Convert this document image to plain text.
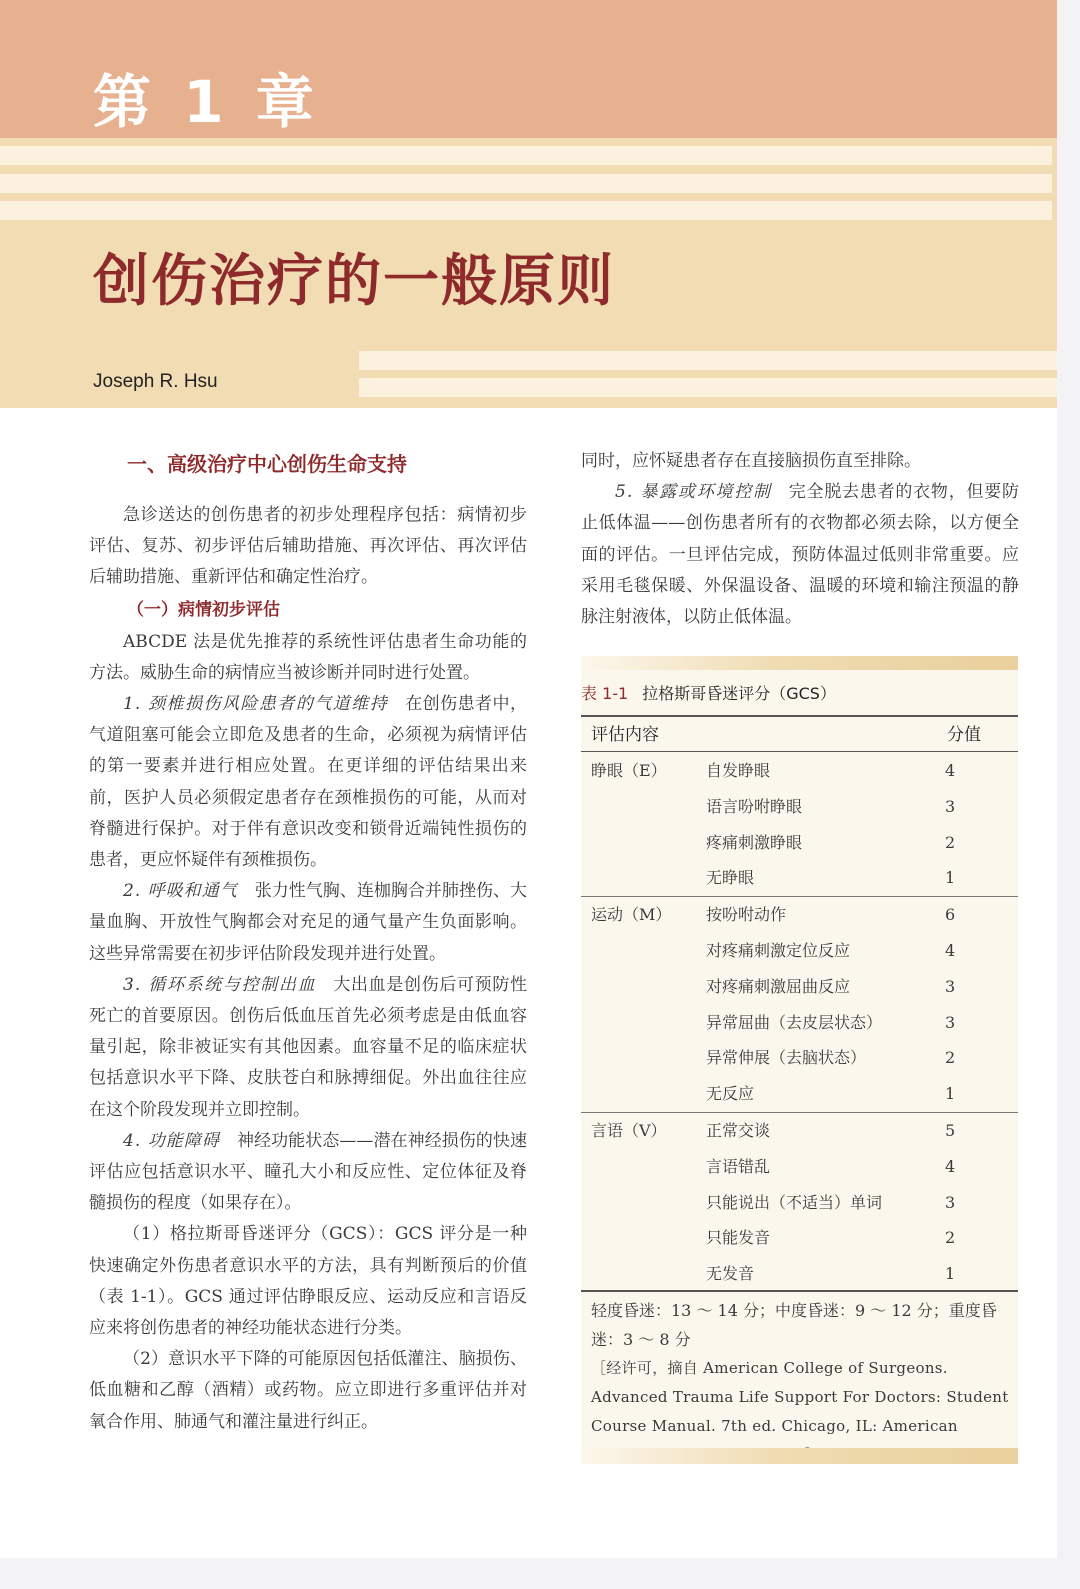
第 1 章
创伤治疗的一般原则

Joseph R. Hsu

一、高级治疗中心创伤生命支持

急诊送达的创伤患者的初步处理程序包括：病情初步评估、复苏、初步评估后辅助措施、再次评估、再次评估后辅助措施、重新评估和确定性治疗。

（一）病情初步评估

ABCDE 法是优先推荐的系统性评估患者生命功能的方法。威胁生命的病情应当被诊断并同时进行处置。

1. 颈椎损伤风险患者的气道维持 在创伤患者中，气道阻塞可能会立即危及患者的生命，必须视为病情评估的第一要素并进行相应处置。在更详细的评估结果出来前，医护人员必须假定患者存在颈椎损伤的可能，从而对脊髓进行保护。对于伴有意识改变和锁骨近端钝性损伤的患者，更应怀疑伴有颈椎损伤。

2. 呼吸和通气 张力性气胸、连枷胸合并肺挫伤、大量血胸、开放性气胸都会对充足的通气量产生负面影响。这些异常需要在初步评估阶段发现并进行处置。

3. 循环系统与控制出血 大出血是创伤后可预防性死亡的首要原因。创伤后低血压首先必须考虑是由低血容量引起，除非被证实有其他因素。血容量不足的临床症状包括意识水平下降、皮肤苍白和脉搏细促。外出血往往应在这个阶段发现并立即控制。

4. 功能障碍 神经功能状态——潜在神经损伤的快速评估应包括意识水平、瞳孔大小和反应性、定位体征及脊髓损伤的程度（如果存在）。

（1）格拉斯哥昏迷评分（GCS）：GCS 评分是一种快速确定外伤患者意识水平的方法，具有判断预后的价值（表 1-1）。GCS 通过评估睁眼反应、运动反应和言语反应来将创伤患者的神经功能状态进行分类。

（2）意识水平下降的可能原因包括低灌注、脑损伤、低血糖和乙醇（酒精）或药物。应立即进行多重评估并对氧合作用、肺通气和灌注量进行纠正。

同时，应怀疑患者存在直接脑损伤直至排除。

5. 暴露或环境控制 完全脱去患者的衣物，但要防止低体温——创伤患者所有的衣物都必须去除，以方便全面的评估。一旦评估完成，预防体温过低则非常重要。应采用毛毯保暖、外保温设备、温暖的环境和输注预温的静脉注射液体，以防止低体温。

表 1-1 拉格斯哥昏迷评分（GCS）

评估内容	分值
睁眼（E） 自发睁眼	4
语言吩咐睁眼	3
疼痛刺激睁眼	2
无睁眼	1
运动（M） 按吩咐动作	6
对疼痛刺激定位反应	4
对疼痛刺激屈曲反应	3
异常屈曲（去皮层状态）	3
异常伸展（去脑状态）	2
无反应	1
言语（V） 正常交谈	5
言语错乱	4
只能说出（不适当）单词	3
只能发音	2
无发音	1

轻度昏迷：13 ～ 14 分；中度昏迷：9 ～ 12 分；重度昏迷：3 ～ 8 分

［经许可，摘自 American College of Surgeons. Advanced Trauma Life Support For Doctors: Student Course Manual. 7th ed. Chicago, IL: American
